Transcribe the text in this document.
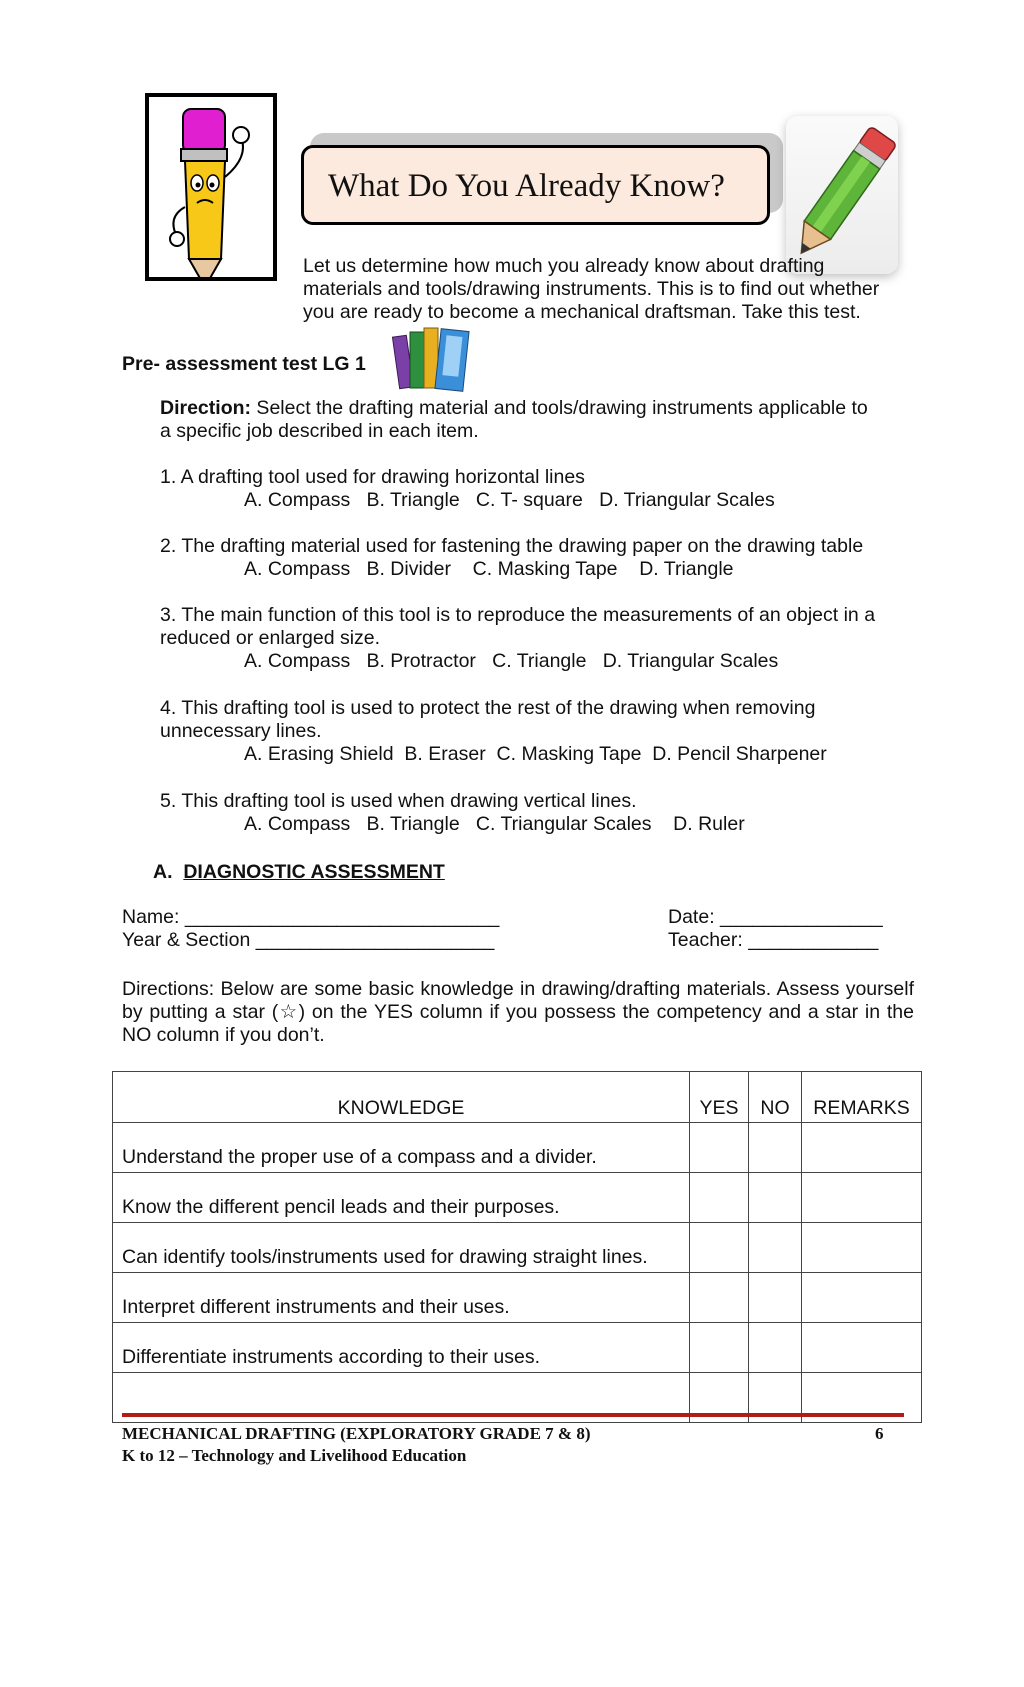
What Do You Already Know?
Let us determine how much you already know about drafting
materials and tools/drawing instruments. This is to find out whether
you are ready to become a mechanical draftsman. Take this test.
Pre- assessment test LG 1
Direction: Select the drafting material and tools/drawing instruments applicable to
a specific job described in each item.
1. A drafting tool used for drawing horizontal lines
A. Compass   B. Triangle   C. T- square   D. Triangular Scales
2. The drafting material used for fastening the drawing paper on the drawing table
A. Compass   B. Divider    C. Masking Tape    D. Triangle
3. The main function of this tool is to reproduce the measurements of an object in a
reduced or enlarged size.
A. Compass   B. Protractor   C. Triangle   D. Triangular Scales
4. This drafting tool is used to protect the rest of the drawing when removing
unnecessary lines.
A. Erasing Shield  B. Eraser  C. Masking Tape  D. Pencil Sharpener
5. This drafting tool is used when drawing vertical lines.
A. Compass   B. Triangle   C. Triangular Scales    D. Ruler
A. DIAGNOSTIC ASSESSMENT
Name: _____________________________
Year & Section ______________________
Date: _______________
Teacher: ____________
Directions: Below are some basic knowledge in drawing/drafting materials. Assess yourself by putting a star (☆) on the YES column if you possess the competency and a star in the NO column if you don’t.
KNOWLEDGE	YES	NO	REMARKS
Understand the proper use of a compass and a divider.			
Know the different pencil leads and their purposes.			
Can identify tools/instruments used for drawing straight lines.			
Interpret different instruments and their uses.			
Differentiate instruments according to their uses.			

MECHANICAL DRAFTING (EXPLORATORY GRADE 7 & 8)
K to 12 – Technology and Livelihood Education
6
